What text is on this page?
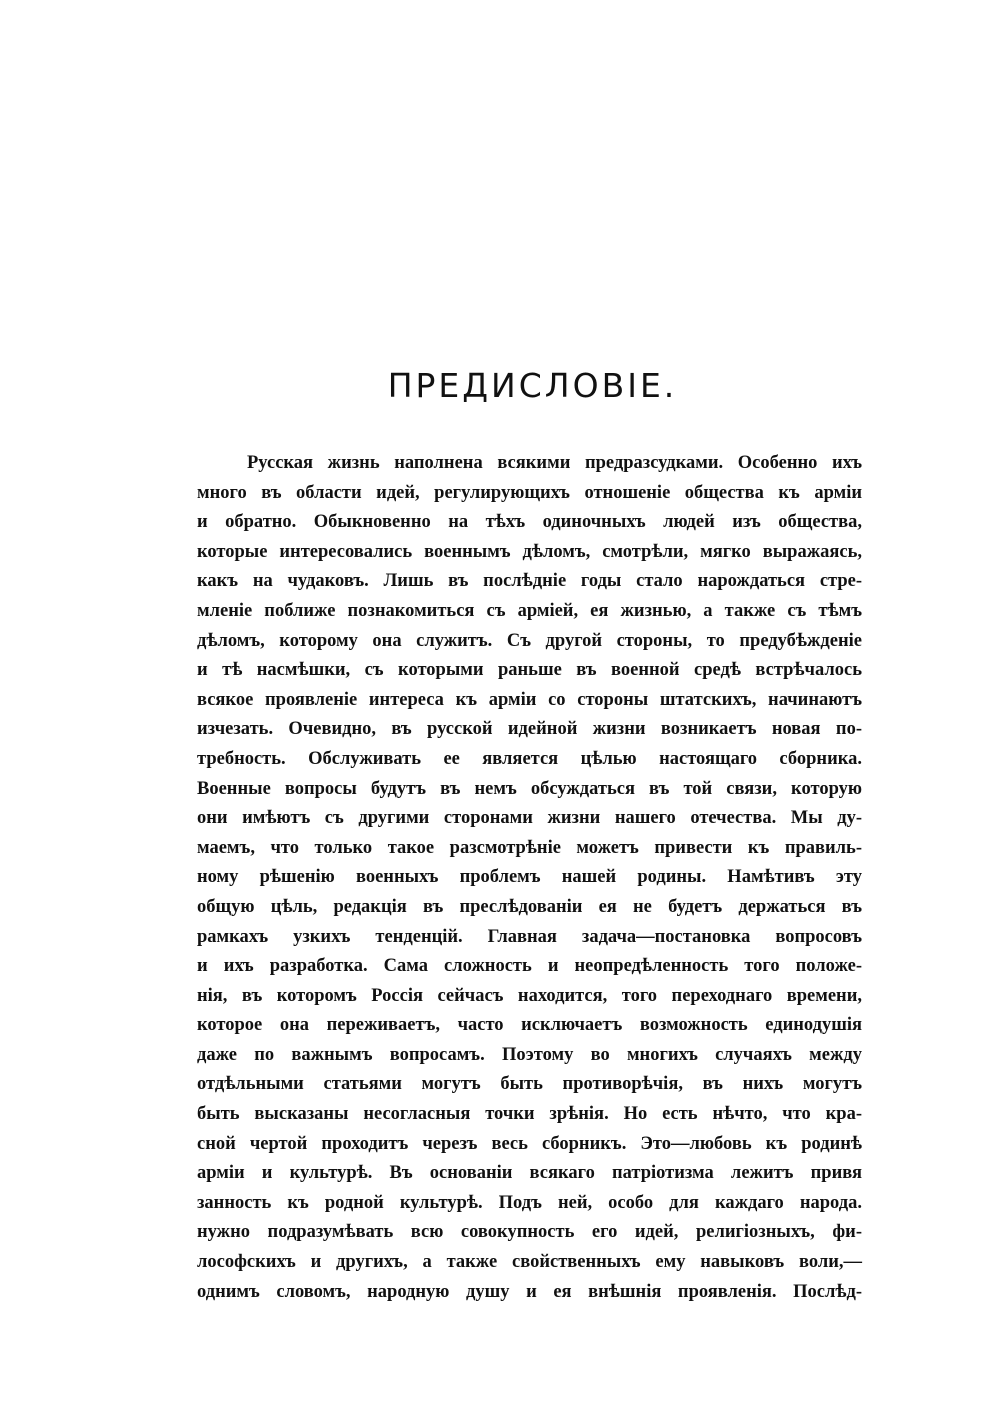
ПРЕДИСЛОВІЕ.
Русская жизнь наполнена всякими предразсудками. Особенно ихъ
много въ области идей, регулирующихъ отношеніе общества къ арміи
и обратно. Обыкновенно на тѣхъ одиночныхъ людей изъ общества,
которые интересовались военнымъ дѣломъ, смотрѣли, мягко выражаясь,
какъ на чудаковъ. Лишь въ послѣдніе годы стало нарождаться стре-
мленіе поближе познакомиться съ арміей, ея жизнью, а также съ тѣмъ
дѣломъ, которому она служитъ. Съ другой стороны, то предубѣжденіе
и тѣ насмѣшки, съ которыми раньше въ военной средѣ встрѣчалось
всякое проявленіе интереса къ арміи со стороны штатскихъ, начинаютъ
изчезать. Очевидно, въ русской идейной жизни возникаетъ новая по-
требность. Обслуживать ее является цѣлью настоящаго сборника.
Военные вопросы будутъ въ немъ обсуждаться въ той связи, которую
они имѣютъ съ другими сторонами жизни нашего отечества. Мы ду-
маемъ, что только такое разсмотрѣніе можетъ привести къ правиль-
ному рѣшенію военныхъ проблемъ нашей родины. Намѣтивъ эту
общую цѣль, редакція въ преслѣдованіи ея не будетъ держаться въ
рамкахъ узкихъ тенденцій. Главная задача—постановка вопросовъ
и ихъ разработка. Сама сложность и неопредѣленность того положе-
нія, въ которомъ Россія сейчасъ находится, того переходнаго времени,
которое она переживаетъ, часто исключаетъ возможность единодушія
даже по важнымъ вопросамъ. Поэтому во многихъ случаяхъ между
отдѣльными статьями могутъ быть противорѣчія, въ нихъ могутъ
быть высказаны несогласныя точки зрѣнія. Но есть нѣчто, что кра-
сной чертой проходитъ черезъ весь сборникъ. Это—любовь къ родинѣ
арміи и культурѣ. Въ основаніи всякаго патріотизма лежитъ привя
занность къ родной культурѣ. Подъ ней, особо для каждаго народа.
нужно подразумѣвать всю совокупность его идей, религіозныхъ, фи-
лософскихъ и другихъ, а также свойственныхъ ему навыковъ воли,—
однимъ словомъ, народную душу и ея внѣшнія проявленія. Послѣд-
